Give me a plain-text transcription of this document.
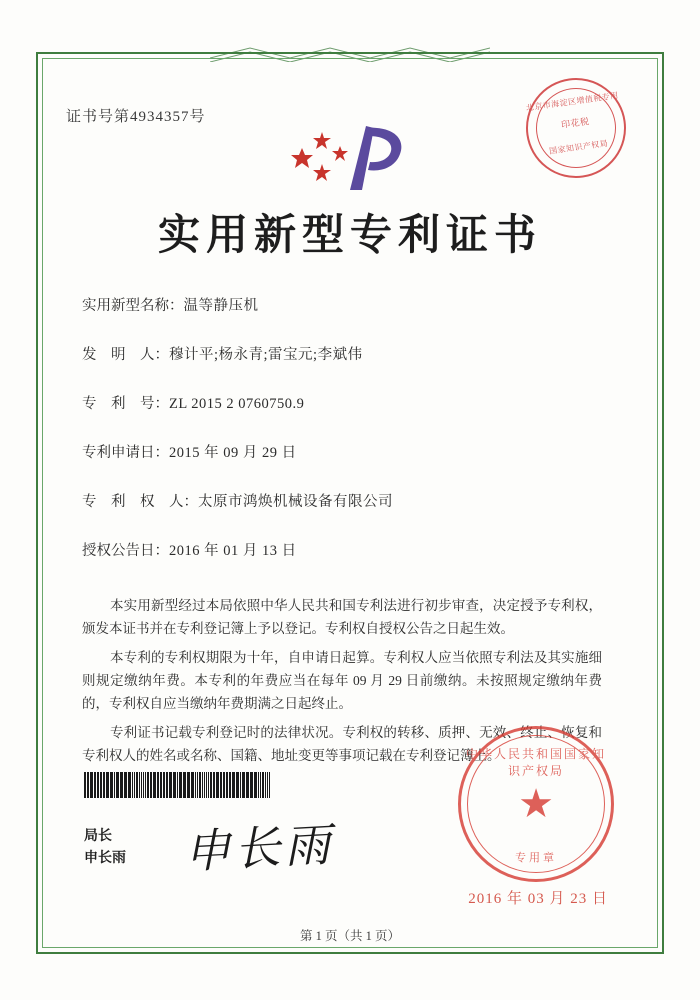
证书号第4934357号
北京市海淀区增值税专用
印花税
国家知识产权局
实用新型专利证书
实用新型名称：温等静压机
发　明　人：穆计平;杨永青;雷宝元;李斌伟
专　利　号：ZL 2015 2 0760750.9
专利申请日：2015 年 09 月 29 日
专　利　权　人：太原市鸿焕机械设备有限公司
授权公告日：2016 年 01 月 13 日

本实用新型经过本局依照中华人民共和国专利法进行初步审查，决定授予专利权，颁发本证书并在专利登记簿上予以登记。专利权自授权公告之日起生效。

本专利的专利权期限为十年，自申请日起算。专利权人应当依照专利法及其实施细则规定缴纳年费。本专利的年费应当在每年 09 月 29 日前缴纳。未按照规定缴纳年费的，专利权自应当缴纳年费期满之日起终止。

专利证书记载专利登记时的法律状况。专利权的转移、质押、无效、终止、恢复和专利权人的姓名或名称、国籍、地址变更等事项记载在专利登记簿上。

局长
申长雨 申长雨
中华人民共和国国家知识产权局
★
专用章
2016 年 03 月 23 日
第 1 页（共 1 页）
